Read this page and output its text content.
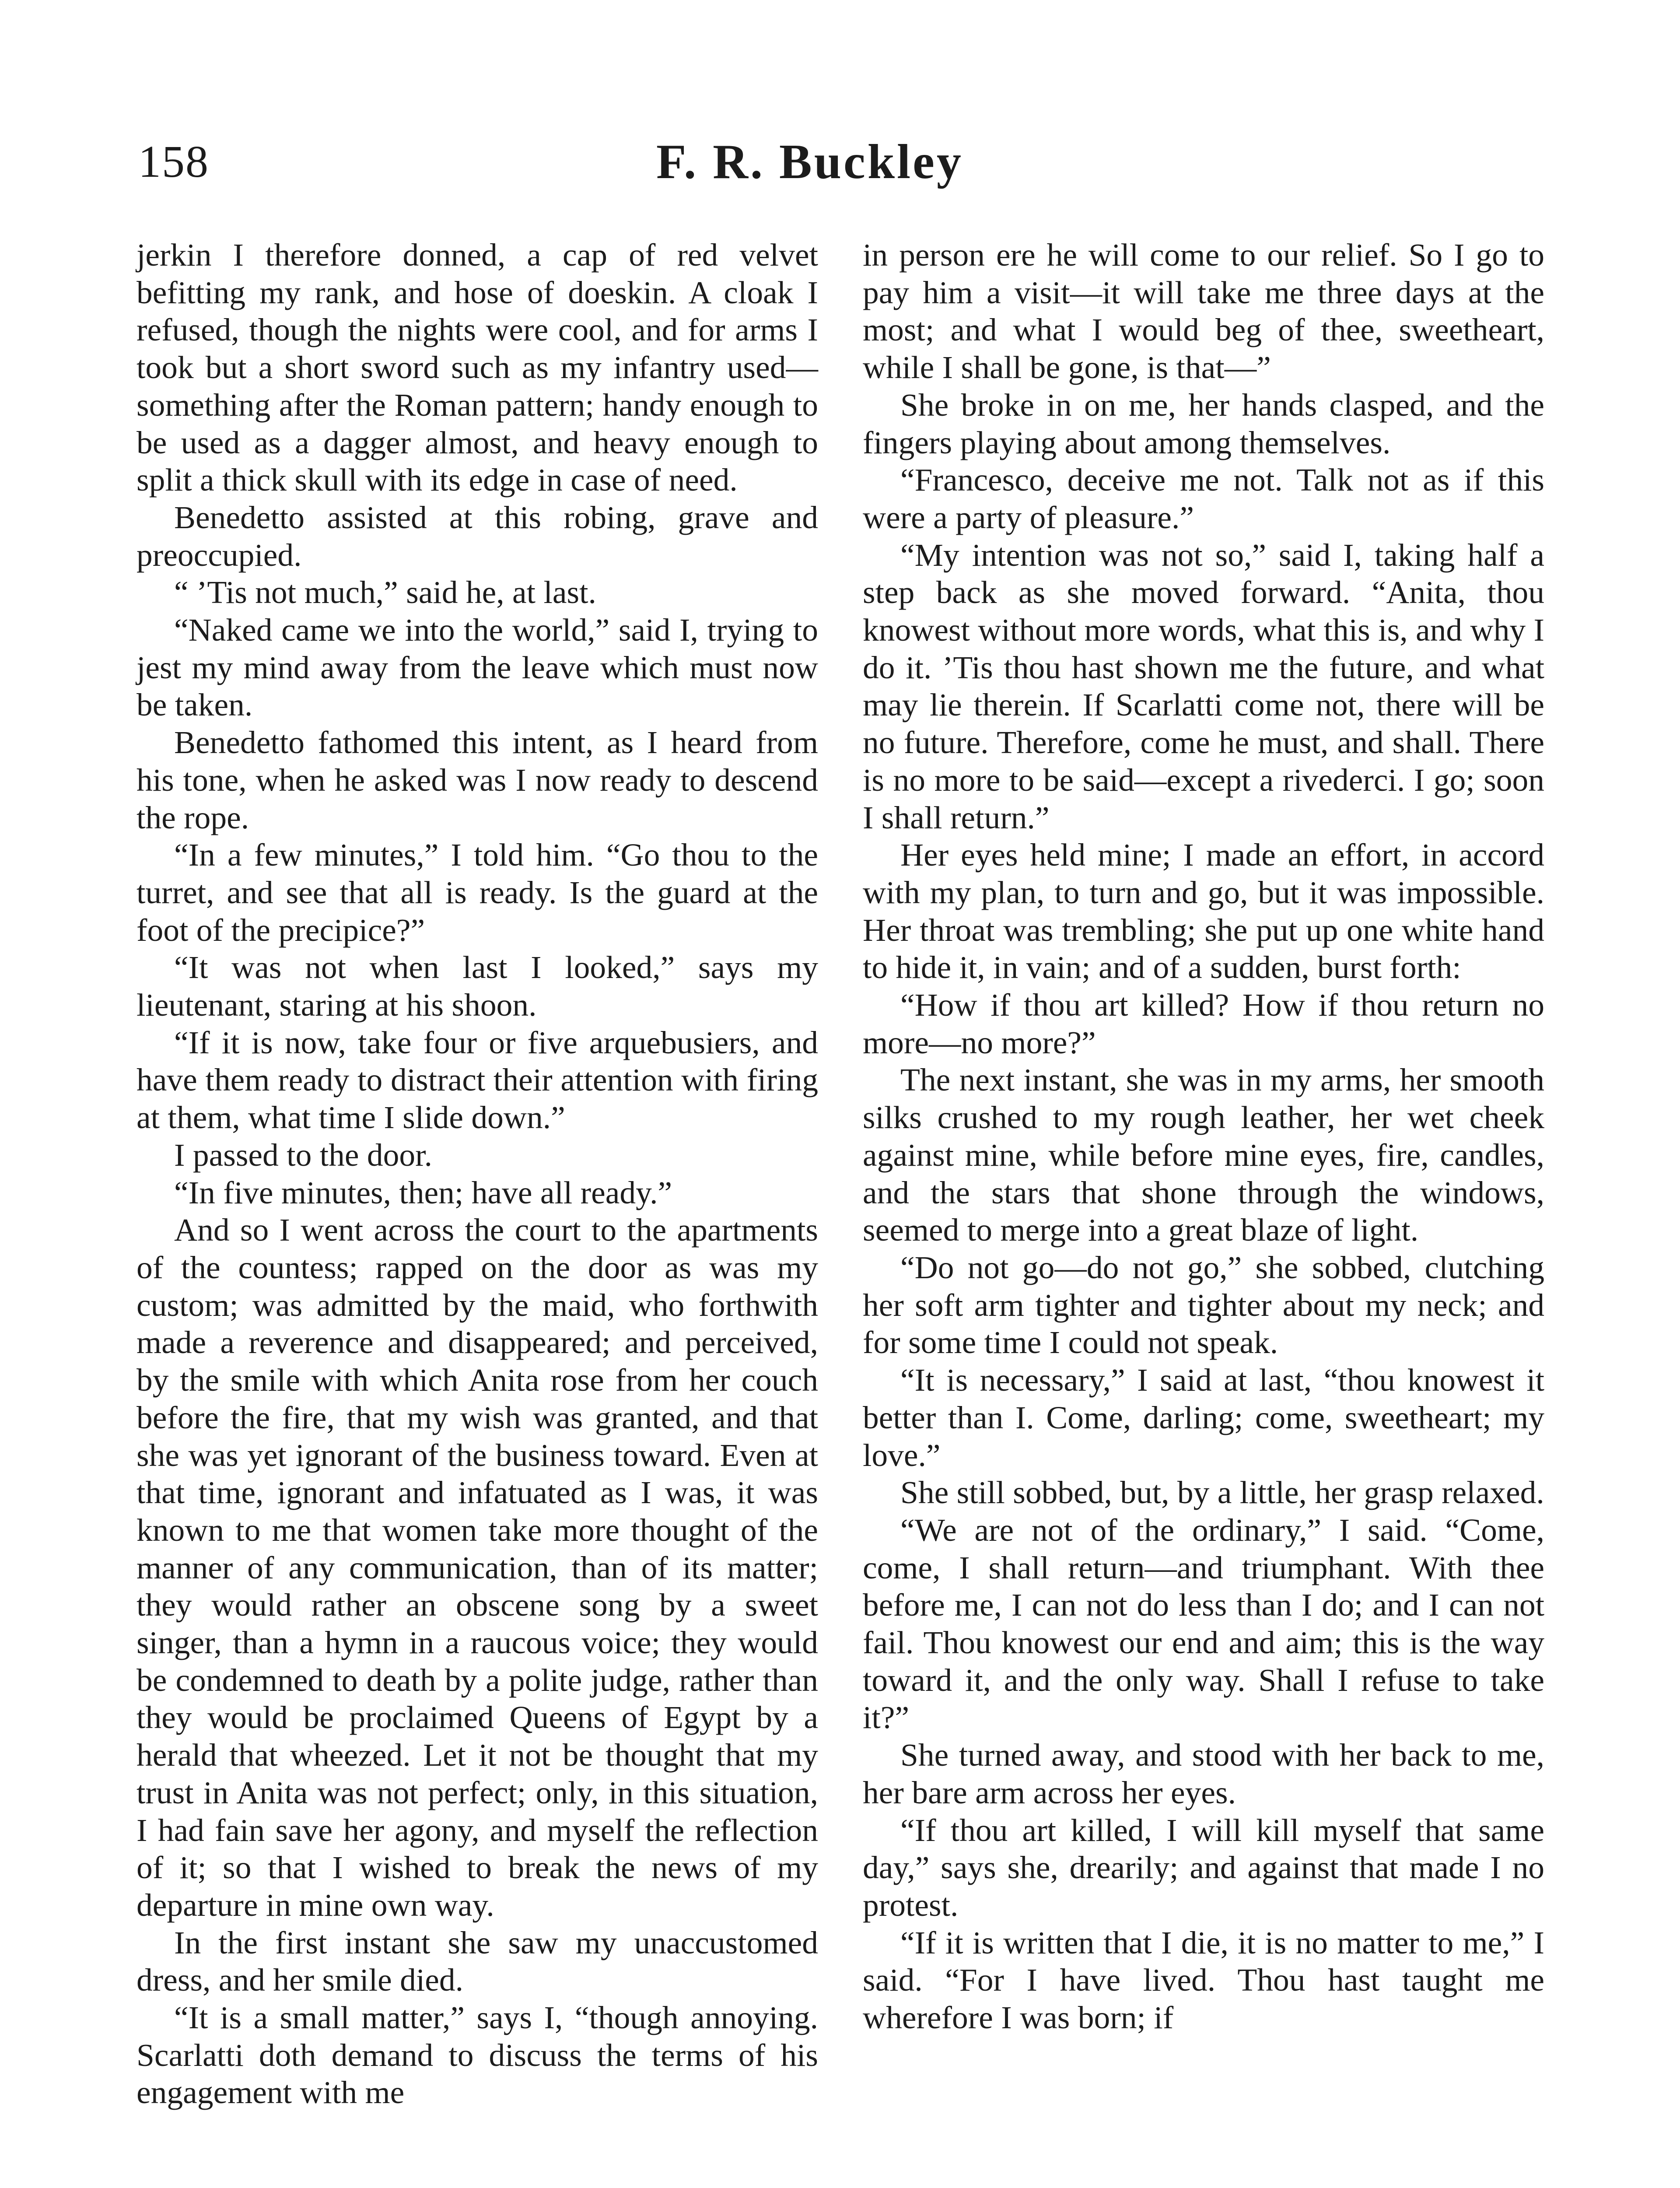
158	F. R. Buckley

jerkin I therefore donned, a cap of red velvet befitting my rank, and hose of doeskin. A cloak I refused, though the nights were cool, and for arms I took but a short sword such as my infantry used—something after the Roman pattern; handy enough to be used as a dagger almost, and heavy enough to split a thick skull with its edge in case of need.

Benedetto assisted at this robing, grave and preoccupied.

“ ’Tis not much,” said he, at last.

“Naked came we into the world,” said I, trying to jest my mind away from the leave which must now be taken.

Benedetto fathomed this intent, as I heard from his tone, when he asked was I now ready to descend the rope.

“In a few minutes,” I told him. “Go thou to the turret, and see that all is ready. Is the guard at the foot of the precipice?”

“It was not when last I looked,” says my lieutenant, staring at his shoon.

“If it is now, take four or five arquebusiers, and have them ready to distract their attention with firing at them, what time I slide down.”

I passed to the door.

“In five minutes, then; have all ready.”

And so I went across the court to the apartments of the countess; rapped on the door as was my custom; was admitted by the maid, who forthwith made a reverence and disappeared; and perceived, by the smile with which Anita rose from her couch before the fire, that my wish was granted, and that she was yet ignorant of the business toward. Even at that time, ignorant and infatuated as I was, it was known to me that women take more thought of the manner of any communication, than of its matter; they would rather an obscene song by a sweet singer, than a hymn in a raucous voice; they would be condemned to death by a polite judge, rather than they would be proclaimed Queens of Egypt by a herald that wheezed. Let it not be thought that my trust in Anita was not perfect; only, in this situation, I had fain save her agony, and myself the reflection of it; so that I wished to break the news of my departure in mine own way.

In the first instant she saw my unaccustomed dress, and her smile died.

“It is a small matter,” says I, “though annoying. Scarlatti doth demand to discuss the terms of his engagement with me

in person ere he will come to our relief. So I go to pay him a visit—it will take me three days at the most; and what I would beg of thee, sweetheart, while I shall be gone, is that—”

She broke in on me, her hands clasped, and the fingers playing about among themselves.

“Francesco, deceive me not. Talk not as if this were a party of pleasure.”

“My intention was not so,” said I, taking half a step back as she moved forward. “Anita, thou knowest without more words, what this is, and why I do it. ’Tis thou hast shown me the future, and what may lie therein. If Scarlatti come not, there will be no future. Therefore, come he must, and shall. There is no more to be said—except a rivederci. I go; soon I shall return.”

Her eyes held mine; I made an effort, in accord with my plan, to turn and go, but it was impossible. Her throat was trembling; she put up one white hand to hide it, in vain; and of a sudden, burst forth:

“How if thou art killed? How if thou return no more—no more?”

The next instant, she was in my arms, her smooth silks crushed to my rough leather, her wet cheek against mine, while before mine eyes, fire, candles, and the stars that shone through the windows, seemed to merge into a great blaze of light.

“Do not go—do not go,” she sobbed, clutching her soft arm tighter and tighter about my neck; and for some time I could not speak.

“It is necessary,” I said at last, “thou knowest it better than I. Come, darling; come, sweetheart; my love.”

She still sobbed, but, by a little, her grasp relaxed.

“We are not of the ordinary,” I said. “Come, come, I shall return—and triumphant. With thee before me, I can not do less than I do; and I can not fail. Thou knowest our end and aim; this is the way toward it, and the only way. Shall I refuse to take it?”

She turned away, and stood with her back to me, her bare arm across her eyes.

“If thou art killed, I will kill myself that same day,” says she, drearily; and against that made I no protest.

“If it is written that I die, it is no matter to me,” I said. “For I have lived. Thou hast taught me wherefore I was born; if
